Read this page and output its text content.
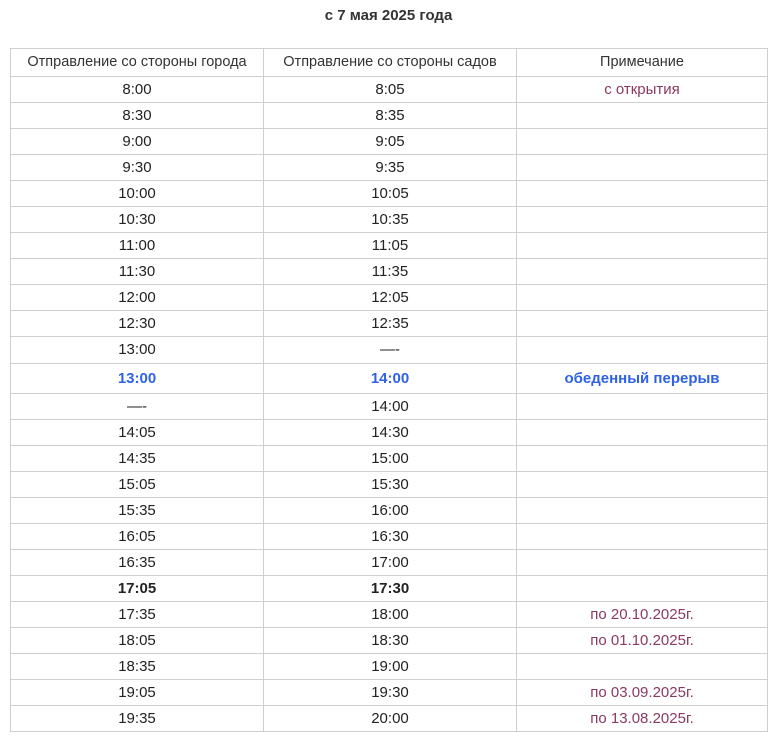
с 7 мая 2025 года
Отправление со стороны города	Отправление со стороны садов	Примечание
8:00	8:05	с открытия
8:30	8:35	
9:00	9:05	
9:30	9:35	
10:00	10:05	
10:30	10:35	
11:00	11:05	
11:30	11:35	
12:00	12:05	
12:30	12:35	
13:00	—-	
13:00	14:00	обеденный перерыв
—-	14:00	
14:05	14:30	
14:35	15:00	
15:05	15:30	
15:35	16:00	
16:05	16:30	
16:35	17:00	
17:05	17:30	
17:35	18:00	по 20.10.2025г.
18:05	18:30	по 01.10.2025г.
18:35	19:00	
19:05	19:30	по 03.09.2025г.
19:35	20:00	по 13.08.2025г.
